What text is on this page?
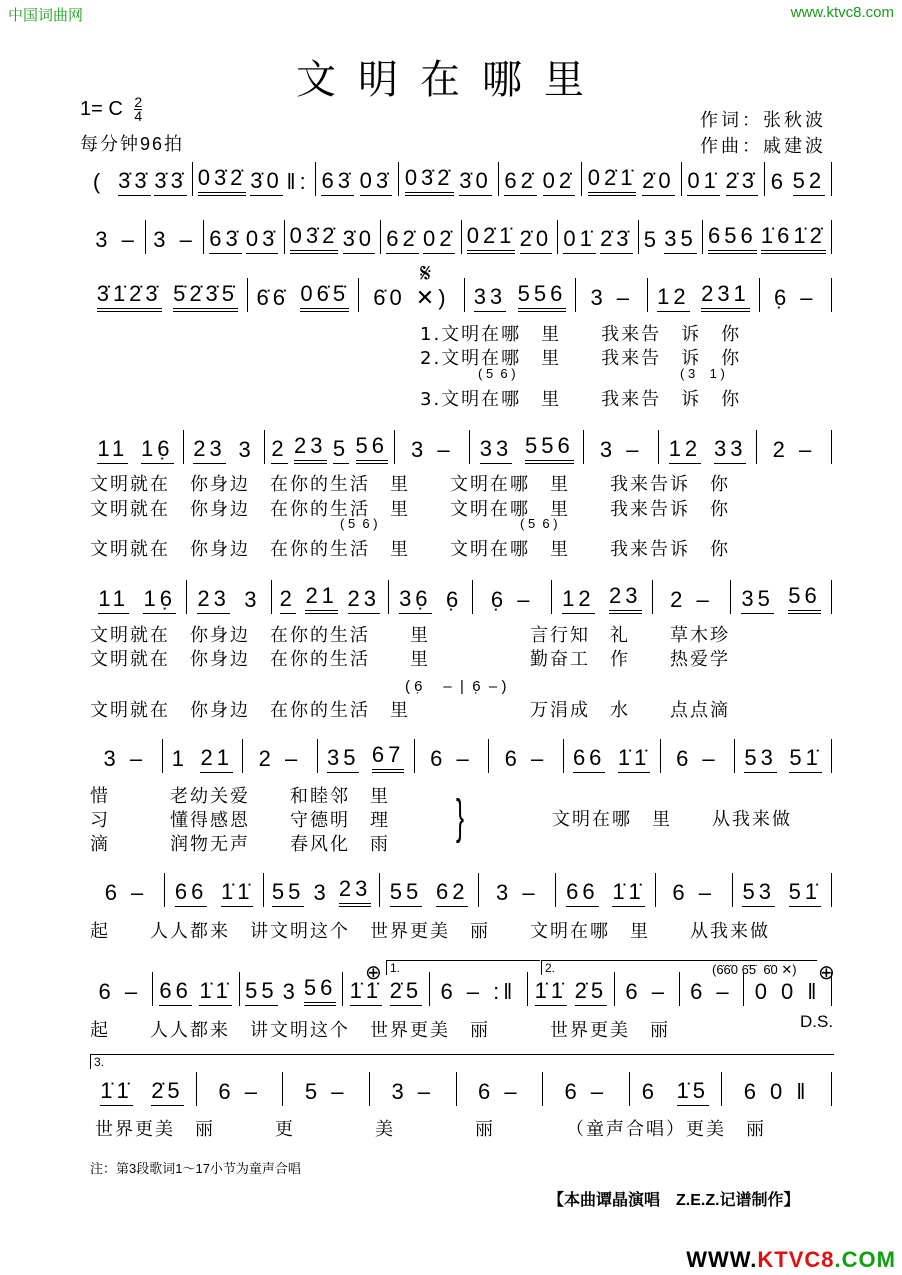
中国词曲网	www.ktvc8.com
文明在哪里
1= C $\frac{2}{4}$
每分钟96拍
作词：张秋波
作曲：戚建波
( 3̇3̇ 3̇3̇ 03̇2̇ 3̇0 ‖: 63̇ 03̇ 03̇2̇ 3̇0 62̇ 02̇ 02̇1̇ 2̇0 01̇ 2̇3̇ 6 52
3 – 3 – 63̇ 03̇ 03̇2̇ 3̇0 62̇ 02̇ 02̇1̇ 2̇0 01̇ 2̇3̇ 5 35 656 1̇61̇2̇
3̇1̇2̇3̇ 5̇2̇3̇5̇ 6̇6̇ 06̇5̇ 6̇0 ✕) 33 556 3 – 12 231 6̣ –
11 16̣ 23 3 2 23 5 56 3 – 33 556 3 – 12 33 2 –
11 16̣ 23 3 2 21 23 36̣ 6̣ 6̣ – 12 23 2 – 35 56
3 – 1 21 2 – 35 67 6 – 6 – 66 1̇1̇ 6 – 53 51̇
6 – 66 1̇1̇ 55 3 23 55 62 3 – 66 1̇1̇ 6 – 53 51̇
6 – 66 1̇1̇ 55 3 56 1̇1̇ 2̇5 6 – :‖ 1̇1̇ 2̇5 6 – 6 – 0 0 ‖
1̇1̇ 2̇5 6 – 5 – 3 – 6 – 6 – 6 1̇5 6 0 ‖
𝄋
⊕	⊕
1.	2.	(6̇6̇0 6̇5̇  6̇0 ✕)
3.
D.S.
}
1.文明在哪　里　　我来告　诉　你
2.文明在哪　里　　我来告　诉　你
( 5  6 )	( 3    1 )
3.文明在哪　里　　我来告　诉　你
文明就在　你身边　在你的生活　里　　文明在哪　里　　我来告诉　你
文明就在　你身边　在你的生活　里　　文明在哪　里　　我来告诉　你
( 5  6 )	( 5  6 )
文明就在　你身边　在你的生活　里　　文明在哪　里　　我来告诉　你
文明就在　你身边　在你的生活　　里　　　　　言行知　礼　　草木珍
文明就在　你身边　在你的生活　　里　　　　　勤奋工　作　　热爱学
( 6̣     –  |  6̣  – )
文明就在　你身边　在你的生活　里　　　　　　万涓成　水　　点点滴
惜　　　老幼关爱　　和睦邻　里
习　　　懂得感恩　　守德明　理
滴　　　润物无声　　春风化　雨
文明在哪　里　　从我来做
起　　人人都来　讲文明这个　世界更美　丽　　文明在哪　里　　从我来做
起　　人人都来　讲文明这个　世界更美　丽　　　世界更美　丽
世界更美　丽　　　更　　　　美　　　　丽　　　　（童声合唱）更美　丽
注：第3段歌词1～17小节为童声合唱
【本曲谭晶演唱　Z.E.Z.记谱制作】
WWW.KTVC8.COM
